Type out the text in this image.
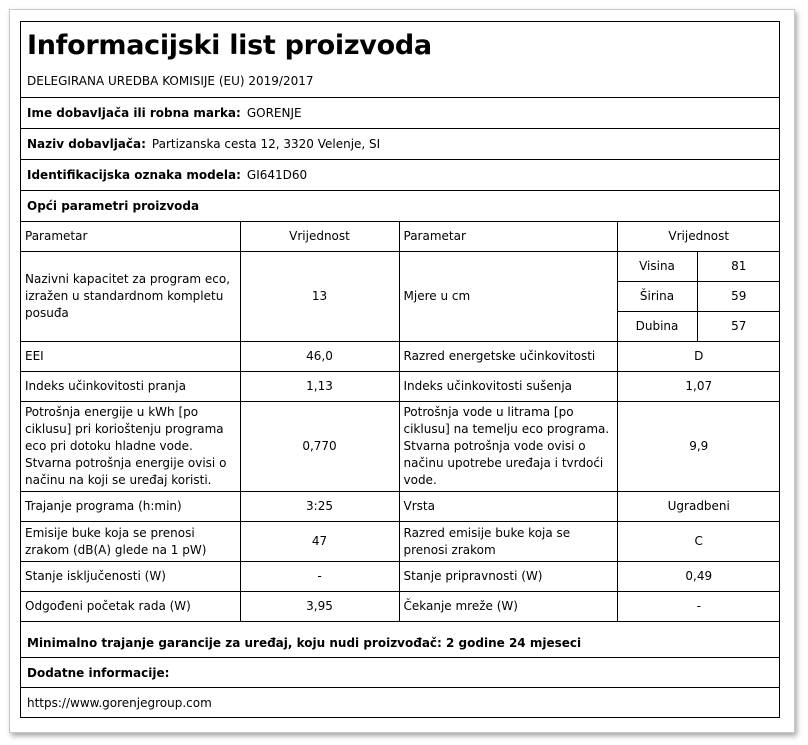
Informacijski list proizvoda
DELEGIRANA UREDBA KOMISIJE (EU) 2019/2017
Ime dobavljača ili robna marka: GORENJE
Naziv dobavljača: Partizanska cesta 12, 3320 Velenje, SI
Identifikacijska oznaka modela: GI641D60
Opći parametri proizvoda
Parametar	Vrijednost	Parametar	Vrijednost	
Nazivni kapacitet za program eco, izražen u standardnom kompletu posuđa	13	Mjere u cm	Visina	81
			Širina	59
			Dubina	57
EEI	46,0	Razred energetske učinkovitosti	D	
Indeks učinkovitosti pranja	1,13	Indeks učinkovitosti sušenja	1,07	
Potrošnja energije u kWh [po ciklusu] pri korioštenju programa eco pri dotoku hladne vode. Stvarna potrošnja energije ovisi o načinu na koji se uređaj koristi.	0,770	Potrošnja vode u litrama [po ciklusu] na temelju eco programa. Stvarna potrošnja vode ovisi o načinu upotrebe uređaja i tvrdoći vode.	9,9	
Trajanje programa (h:min)	3:25	Vrsta	Ugradbeni	
Emisije buke koja se prenosi zrakom (dB(A) glede na 1 pW)	47	Razred emisije buke koja se prenosi zrakom	C	
Stanje isključenosti (W)	-	Stanje pripravnosti (W)	0,49	
Odgođeni početak rada (W)	3,95	Čekanje mreže (W)	-	
Minimalno trajanje garancije za uređaj, koju nudi proizvođač: 2 godine 24 mjeseci
Dodatne informacije:
https://www.gorenjegroup.com
